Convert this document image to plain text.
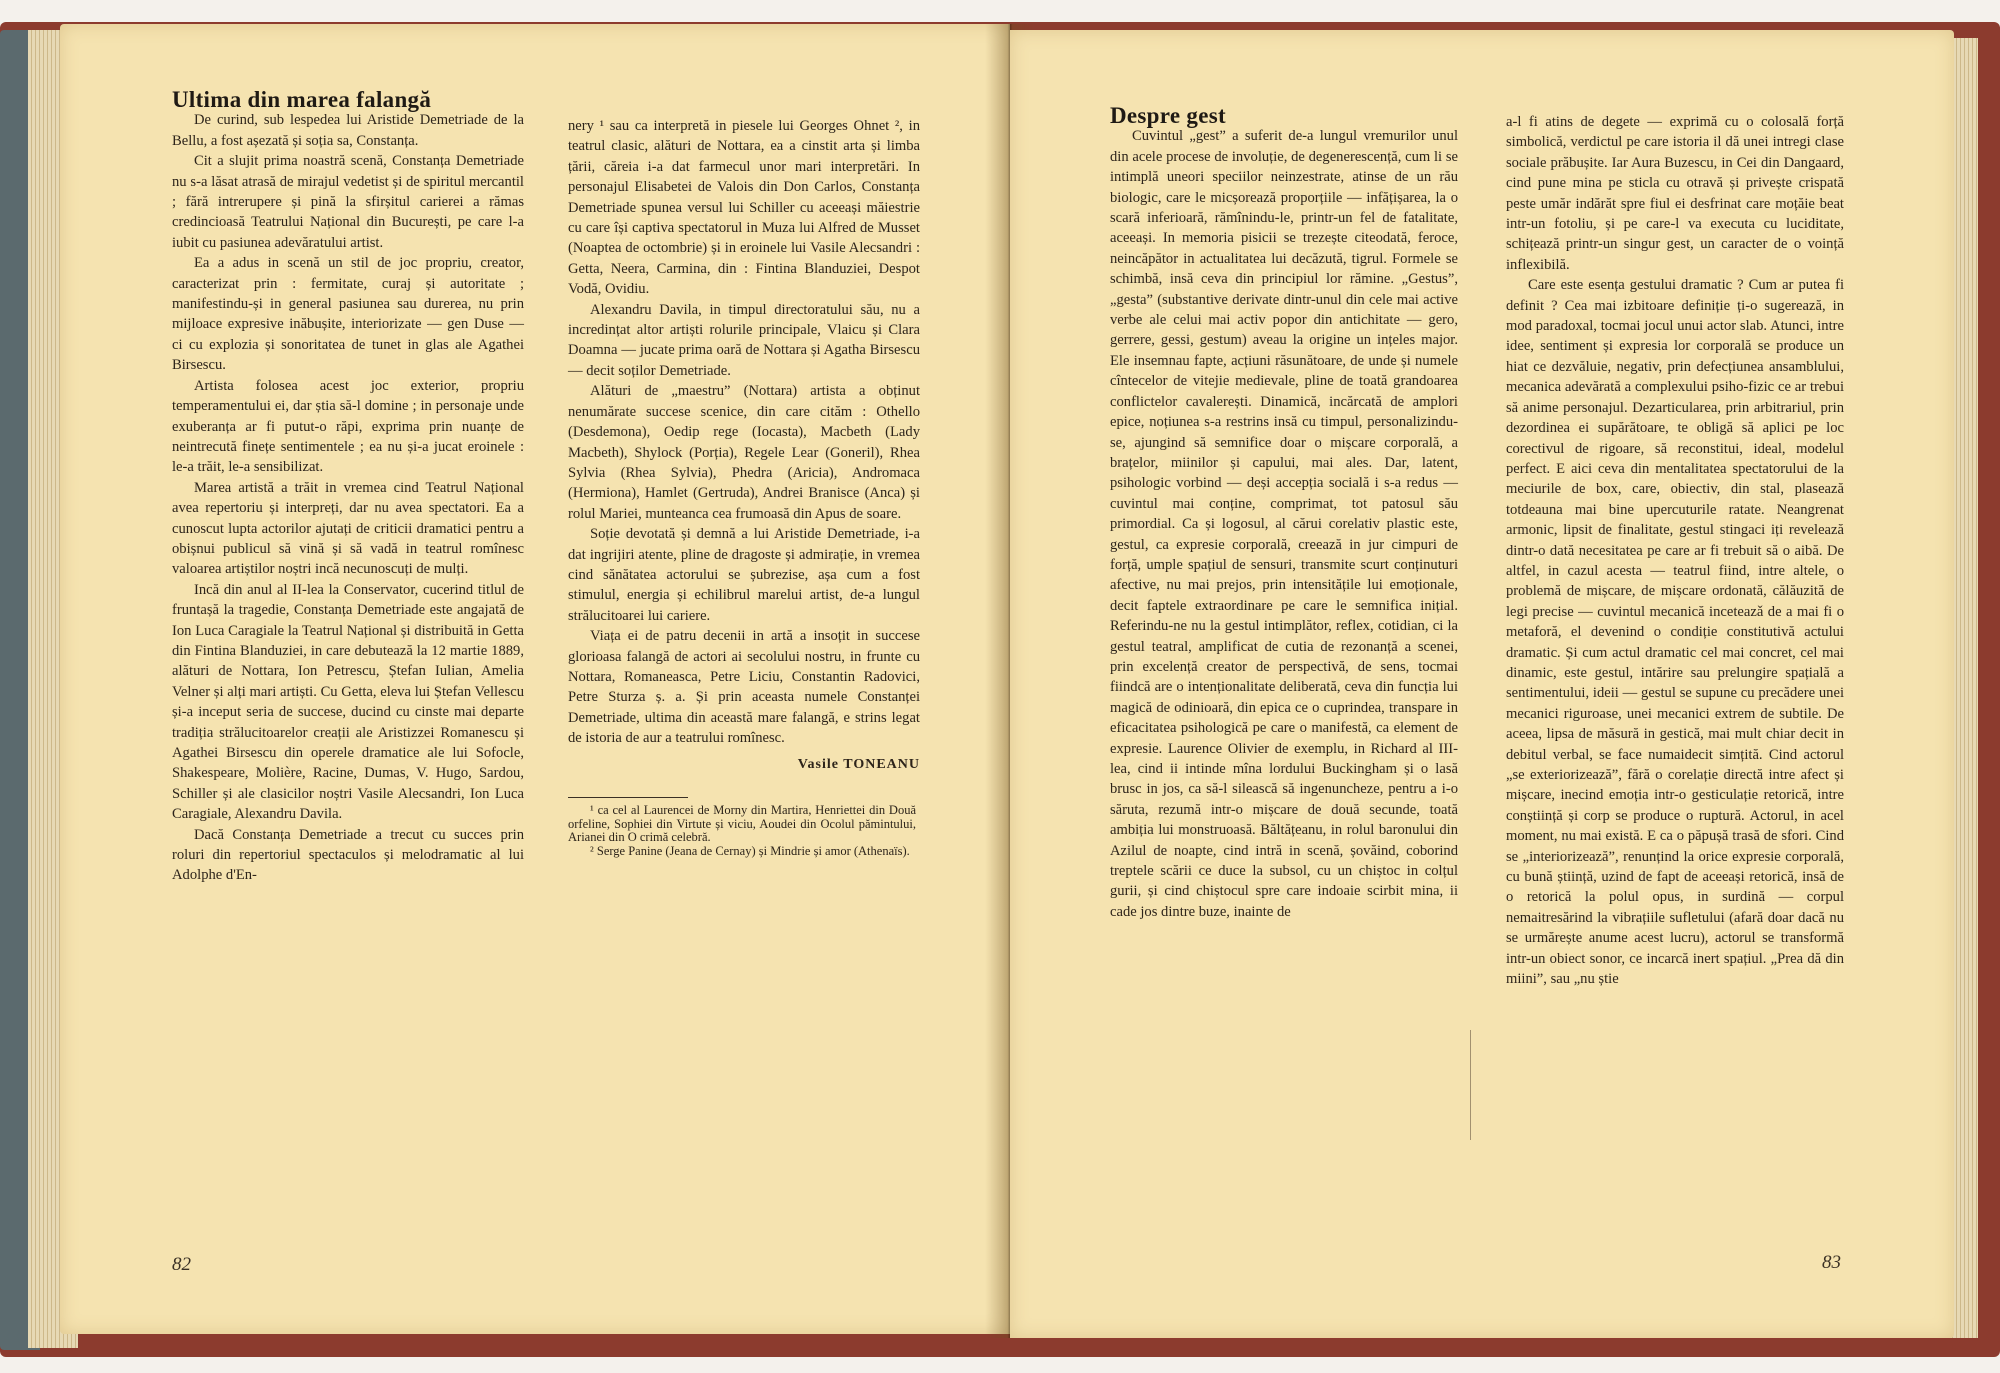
Ultima din marea falangă

De curind, sub lespedea lui Aristide Demetriade de la Bellu, a fost așezată și soția sa, Constanța.

Cit a slujit prima noastră scenă, Constanța Demetriade nu s-a lăsat atrasă de mirajul vedetist și de spiritul mercantil ; fără intrerupere și pină la sfirșitul carierei a rămas credincioasă Teatrului Național din București, pe care l-a iubit cu pasiunea adevăratului artist.

Ea a adus in scenă un stil de joc propriu, creator, caracterizat prin : fermitate, curaj și autoritate ; manifestindu-și in general pasiunea sau durerea, nu prin mijloace expresive inăbușite, interiorizate — gen Duse — ci cu explozia și sonoritatea de tunet in glas ale Agathei Birsescu.

Artista folosea acest joc exterior, propriu temperamentului ei, dar știa să-l domine ; in personaje unde exuberanța ar fi putut-o răpi, exprima prin nuanțe de neintrecută finețe sentimentele ; ea nu și-a jucat eroinele : le-a trăit, le-a sensibilizat.

Marea artistă a trăit in vremea cind Teatrul Național avea repertoriu și interpreți, dar nu avea spectatori. Ea a cunoscut lupta actorilor ajutați de criticii dramatici pentru a obișnui publicul să vină și să vadă in teatrul romînesc valoarea artiștilor noștri incă necunoscuți de mulți.

Incă din anul al II-lea la Conservator, cucerind titlul de fruntașă la tragedie, Constanța Demetriade este angajată de Ion Luca Caragiale la Teatrul Național și distribuită in Getta din Fintina Blanduziei, in care debutează la 12 martie 1889, alături de Nottara, Ion Petrescu, Ștefan Iulian, Amelia Velner și alți mari artiști. Cu Getta, eleva lui Ștefan Vellescu și-a inceput seria de succese, ducind cu cinste mai departe tradiția strălucitoarelor creații ale Aristizzei Romanescu și Agathei Birsescu din operele dramatice ale lui Sofocle, Shakespeare, Molière, Racine, Dumas, V. Hugo, Sardou, Schiller și ale clasicilor noștri Vasile Alecsandri, Ion Luca Caragiale, Alexandru Davila.

Dacă Constanța Demetriade a trecut cu succes prin roluri din repertoriul spectaculos și melodramatic al lui Adolphe d'En-

nery ¹ sau ca interpretă in piesele lui Georges Ohnet ², in teatrul clasic, alături de Nottara, ea a cinstit arta și limba țării, căreia i-a dat farmecul unor mari interpretări. In personajul Elisabetei de Valois din Don Carlos, Constanța Demetriade spunea versul lui Schiller cu aceeași măiestrie cu care își captiva spectatorul in Muza lui Alfred de Musset (Noaptea de octombrie) și in eroinele lui Vasile Alecsandri : Getta, Neera, Carmina, din : Fintina Blanduziei, Despot Vodă, Ovidiu.

Alexandru Davila, in timpul directoratului său, nu a incredințat altor artiști rolurile principale, Vlaicu și Clara Doamna — jucate prima oară de Nottara și Agatha Birsescu — decit soților Demetriade.

Alături de „maestru” (Nottara) artista a obținut nenumărate succese scenice, din care cităm : Othello (Desdemona), Oedip rege (Iocasta), Macbeth (Lady Macbeth), Shylock (Porția), Regele Lear (Goneril), Rhea Sylvia (Rhea Sylvia), Phedra (Aricia), Andromaca (Hermiona), Hamlet (Gertruda), Andrei Branisce (Anca) și rolul Mariei, munteanca cea frumoasă din Apus de soare.

Soție devotată și demnă a lui Aristide Demetriade, i-a dat ingrijiri atente, pline de dragoste și admirație, in vremea cind sănătatea actorului se șubrezise, așa cum a fost stimulul, energia și echilibrul marelui artist, de-a lungul strălucitoarei lui cariere.

Viața ei de patru decenii in artă a insoțit in succese glorioasa falangă de actori ai secolului nostru, in frunte cu Nottara, Romaneasca, Petre Liciu, Constantin Radovici, Petre Sturza ș. a. Și prin aceasta numele Constanței Demetriade, ultima din această mare falangă, e strins legat de istoria de aur a teatrului romînesc.

Vasile TONEANU

¹ ca cel al Laurencei de Morny din Martira, Henriettei din Două orfeline, Sophiei din Virtute și viciu, Aoudei din Ocolul pămintului, Arianei din O crimă celebră.

² Serge Panine (Jeana de Cernay) și Mindrie și amor (Athenaïs).

82

Despre gest

Cuvintul „gest” a suferit de-a lungul vremurilor unul din acele procese de involuție, de degenerescență, cum li se intimplă uneori speciilor neinzestrate, atinse de un rău biologic, care le micșorează proporțiile — infățișarea, la o scară inferioară, rămînindu-le, printr-un fel de fatalitate, aceeași. In memoria pisicii se trezește citeodată, feroce, neincăpător in actualitatea lui decăzută, tigrul. Formele se schimbă, insă ceva din principiul lor rămine. „Gestus”, „gesta” (substantive derivate dintr-unul din cele mai active verbe ale celui mai activ popor din antichitate — gero, gerrere, gessi, gestum) aveau la origine un ințeles major. Ele insemnau fapte, acțiuni răsunătoare, de unde și numele cîntecelor de vitejie medievale, pline de toată grandoarea conflictelor cavalerești. Dinamică, incărcată de amplori epice, noțiunea s-a restrins insă cu timpul, personalizindu-se, ajungind să semnifice doar o mișcare corporală, a brațelor, miinilor și capului, mai ales. Dar, latent, psihologic vorbind — deși accepția socială i s-a redus — cuvintul mai conține, comprimat, tot patosul său primordial. Ca și logosul, al cărui corelativ plastic este, gestul, ca expresie corporală, creează in jur cimpuri de forță, umple spațiul de sensuri, transmite scurt conținuturi afective, nu mai prejos, prin intensitățile lui emoționale, decit faptele extraordinare pe care le semnifica inițial. Referindu-ne nu la gestul intimplător, reflex, cotidian, ci la gestul teatral, amplificat de cutia de rezonanță a scenei, prin excelență creator de perspectivă, de sens, tocmai fiindcă are o intenționalitate deliberată, ceva din funcția lui magică de odinioară, din epica ce o cuprindea, transpare in eficacitatea psihologică pe care o manifestă, ca element de expresie. Laurence Olivier de exemplu, in Richard al III-lea, cind ii intinde mîna lordului Buckingham și o lasă brusc in jos, ca să-l silească să ingenuncheze, pentru a i-o săruta, rezumă intr-o mișcare de două secunde, toată ambiția lui monstruoasă. Băltățeanu, in rolul baronului din Azilul de noapte, cind intră in scenă, șovăind, coborind treptele scării ce duce la subsol, cu un chiștoc in colțul gurii, și cind chiștocul spre care indoaie scirbit mina, ii cade jos dintre buze, inainte de

a-l fi atins de degete — exprimă cu o colosală forță simbolică, verdictul pe care istoria il dă unei intregi clase sociale prăbușite. Iar Aura Buzescu, in Cei din Dangaard, cind pune mina pe sticla cu otravă și privește crispată peste umăr indărăt spre fiul ei desfrinat care moțăie beat intr-un fotoliu, și pe care-l va executa cu luciditate, schițează printr-un singur gest, un caracter de o voință inflexibilă.

Care este esența gestului dramatic ? Cum ar putea fi definit ? Cea mai izbitoare definiție ți-o sugerează, in mod paradoxal, tocmai jocul unui actor slab. Atunci, intre idee, sentiment și expresia lor corporală se produce un hiat ce dezvăluie, negativ, prin defecțiunea ansamblului, mecanica adevărată a complexului psiho-fizic ce ar trebui să anime personajul. Dezarticularea, prin arbitrariul, prin dezordinea ei supărătoare, te obligă să aplici pe loc corectivul de rigoare, să reconstitui, ideal, modelul perfect. E aici ceva din mentalitatea spectatorului de la meciurile de box, care, obiectiv, din stal, plasează totdeauna mai bine upercuturile ratate. Neangrenat armonic, lipsit de finalitate, gestul stingaci iți revelează dintr-o dată necesitatea pe care ar fi trebuit să o aibă. De altfel, in cazul acesta — teatrul fiind, intre altele, o problemă de mișcare, de mișcare ordonată, călăuzită de legi precise — cuvintul mecanică inceteazǎ de a mai fi o metaforă, el devenind o condiție constitutivă actului dramatic. Și cum actul dramatic cel mai concret, cel mai dinamic, este gestul, intărire sau prelungire spațială a sentimentului, ideii — gestul se supune cu precădere unei mecanici riguroase, unei mecanici extrem de subtile. De aceea, lipsa de măsură in gestică, mai mult chiar decit in debitul verbal, se face numaidecit simțită. Cind actorul „se exteriorizează”, fără o corelație directă intre afect și mișcare, inecind emoția intr-o gesticulație retorică, intre conștiință și corp se produce o ruptură. Actorul, in acel moment, nu mai există. E ca o păpușă trasă de sfori. Cind se „interiorizează”, renunțind la orice expresie corporală, cu bună știință, uzind de fapt de aceeași retorică, insă de o retorică la polul opus, in surdină — corpul nemaitresărind la vibrațiile sufletului (afară doar dacă nu se urmărește anume acest lucru), actorul se transformă intr-un obiect sonor, ce incarcă inert spațiul. „Prea dă din miini”, sau „nu știe

83
